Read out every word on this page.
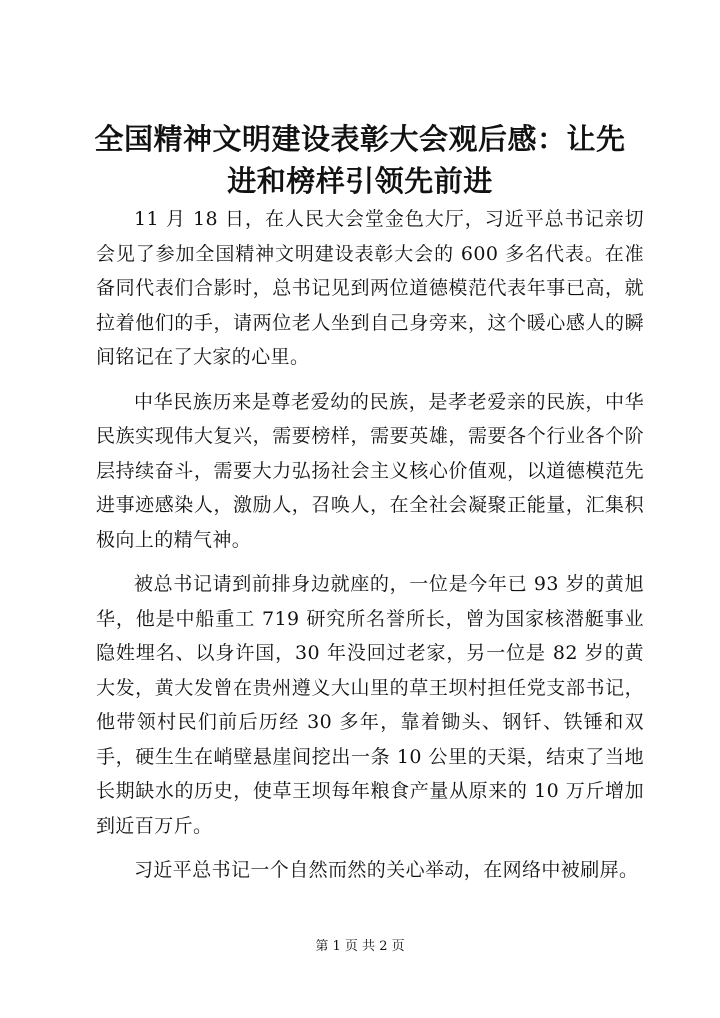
全国精神文明建设表彰大会观后感：让先进和榜样引领先前进

11 月 18 日，在人民大会堂金色大厅，习近平总书记亲切会见了参加全国精神文明建设表彰大会的 600 多名代表。在准备同代表们合影时，总书记见到两位道德模范代表年事已高，就拉着他们的手，请两位老人坐到自己身旁来，这个暖心感人的瞬间铭记在了大家的心里。

中华民族历来是尊老爱幼的民族，是孝老爱亲的民族，中华民族实现伟大复兴，需要榜样，需要英雄，需要各个行业各个阶层持续奋斗，需要大力弘扬社会主义核心价值观，以道德模范先进事迹感染人，激励人，召唤人，在全社会凝聚正能量，汇集积极向上的精气神。

被总书记请到前排身边就座的，一位是今年已 93 岁的黄旭华，他是中船重工 719 研究所名誉所长，曾为国家核潜艇事业隐姓埋名、以身许国，30 年没回过老家，另一位是 82 岁的黄大发，黄大发曾在贵州遵义大山里的草王坝村担任党支部书记，他带领村民们前后历经 30 多年，靠着锄头、钢钎、铁锤和双手，硬生生在峭壁悬崖间挖出一条 10 公里的天渠，结束了当地长期缺水的历史，使草王坝每年粮食产量从原来的 10 万斤增加到近百万斤。

习近平总书记一个自然而然的关心举动，在网络中被刷屏。

第 1 页 共 2 页
